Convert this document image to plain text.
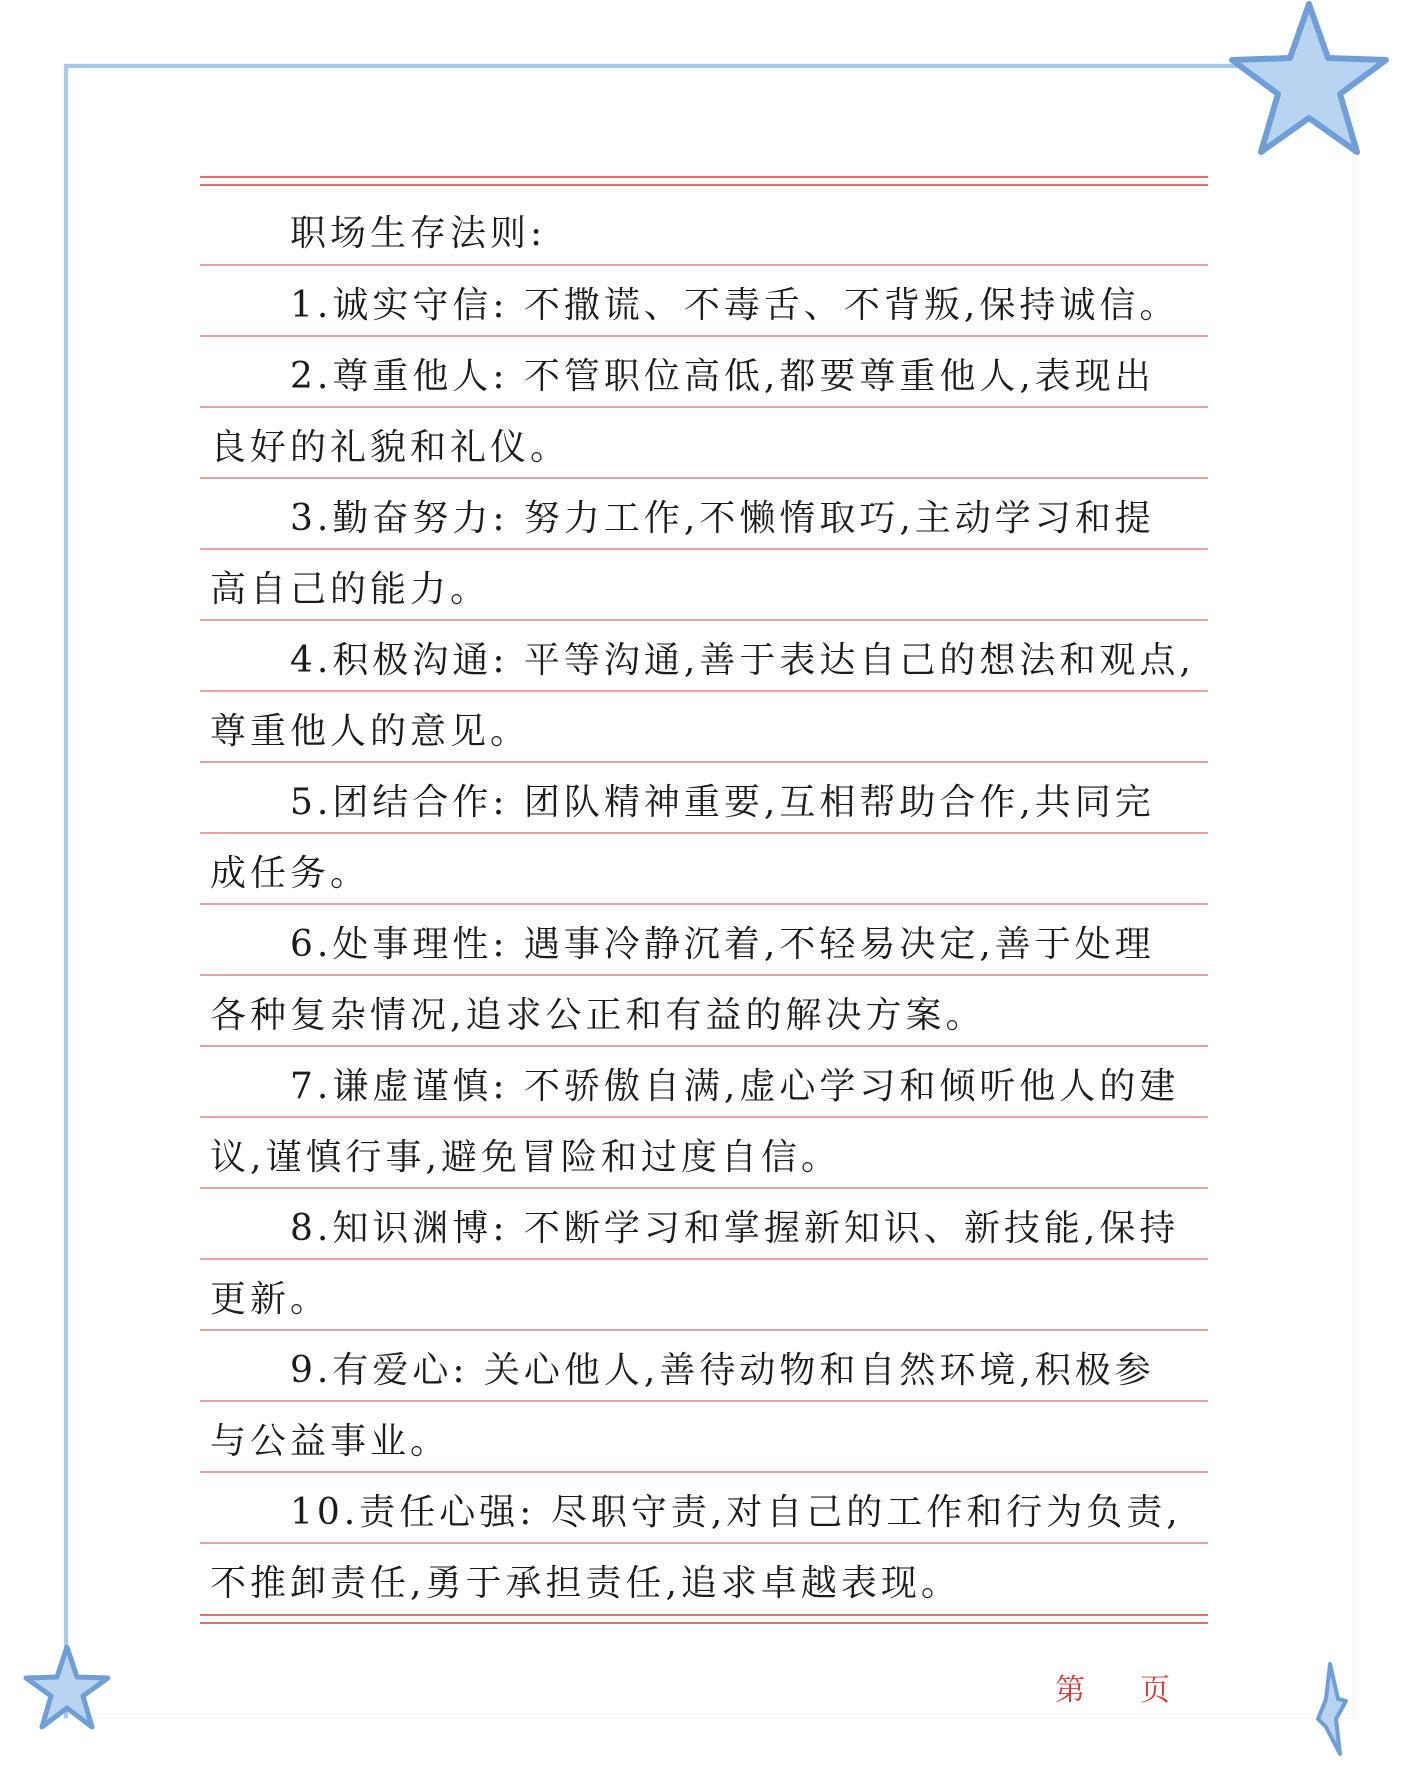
职场生存法则:
1.诚实守信: 不撒谎、不毒舌、不背叛,保持诚信。
2.尊重他人: 不管职位高低,都要尊重他人,表现出
良好的礼貌和礼仪。
3.勤奋努力: 努力工作,不懒惰取巧,主动学习和提
高自己的能力。
4.积极沟通: 平等沟通,善于表达自己的想法和观点,
尊重他人的意见。
5.团结合作: 团队精神重要,互相帮助合作,共同完
成任务。
6.处事理性: 遇事冷静沉着,不轻易决定,善于处理
各种复杂情况,追求公正和有益的解决方案。
7.谦虚谨慎: 不骄傲自满,虚心学习和倾听他人的建
议,谨慎行事,避免冒险和过度自信。
8.知识渊博: 不断学习和掌握新知识、新技能,保持
更新。
9.有爱心: 关心他人,善待动物和自然环境,积极参
与公益事业。
10.责任心强: 尽职守责,对自己的工作和行为负责,
不推卸责任,勇于承担责任,追求卓越表现。
第 页
